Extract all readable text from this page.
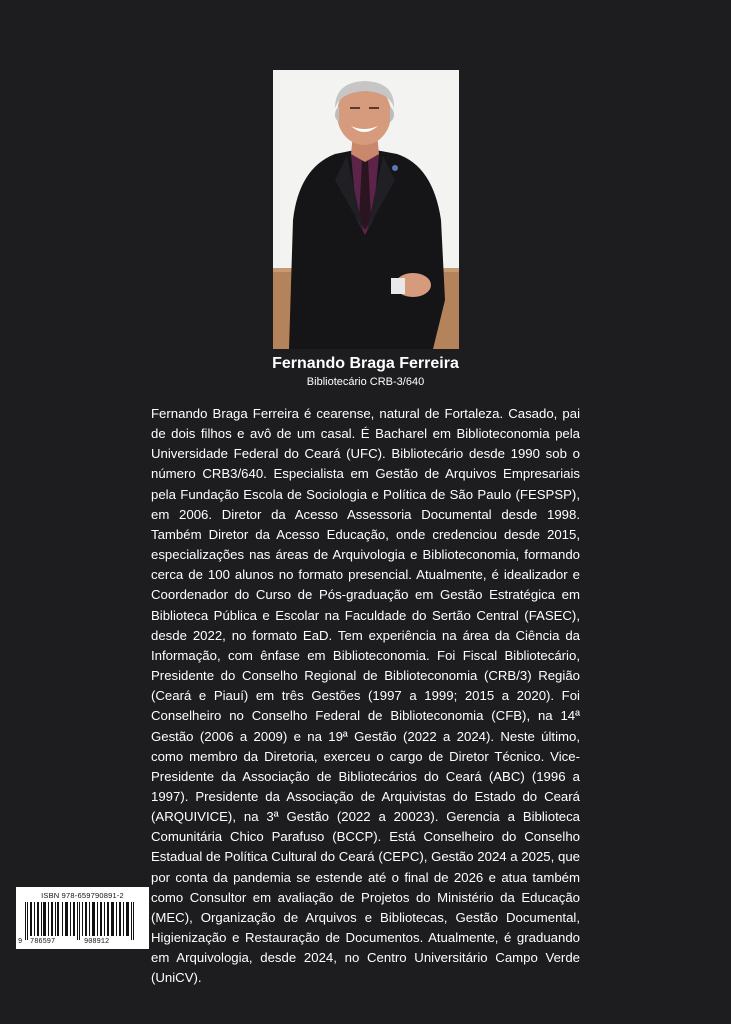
Fernando Braga Ferreira
Bibliotecário CRB-3/640

Fernando Braga Ferreira é cearense, natural de Fortaleza. Casado, pai de dois filhos e avô de um casal. É Bacharel em Biblioteconomia pela Universidade Federal do Ceará (UFC). Bibliotecário desde 1990 sob o número CRB3/640. Especialista em Gestão de Arquivos Empresariais pela Fundação Escola de Sociologia e Política de São Paulo (FESPSP), em 2006. Diretor da Acesso Assessoria Documental desde 1998. Também Diretor da Acesso Educação, onde credenciou desde 2015, especializações nas áreas de Arquivologia e Biblioteconomia, formando cerca de 100 alunos no formato presencial. Atualmente, é idealizador e Coordenador do Curso de Pós-graduação em Gestão Estratégica em Biblioteca Pública e Escolar na Faculdade do Sertão Central (FASEC), desde 2022, no formato EaD. Tem experiência na área da Ciência da Informação, com ênfase em Biblioteconomia. Foi Fiscal Bibliotecário, Presidente do Conselho Regional de Biblioteconomia (CRB/3) Região (Ceará e Piauí) em três Gestões (1997 a 1999; 2015 a 2020). Foi Conselheiro no Conselho Federal de Biblioteconomia (CFB), na 14ª Gestão (2006 a 2009) e na 19ª Gestão (2022 a 2024). Neste último, como membro da Diretoria, exerceu o cargo de Diretor Técnico. Vice-Presidente da Associação de Bibliotecários do Ceará (ABC) (1996 a 1997). Presidente da Associação de Arquivistas do Estado do Ceará (ARQUIVICE), na 3ª Gestão (2022 a 20023). Gerencia a Biblioteca Comunitária Chico Parafuso (BCCP). Está Conselheiro do Conselho Estadual de Política Cultural do Ceará (CEPC), Gestão 2024 a 2025, que por conta da pandemia se estende até o final de 2026 e atua também como Consultor em avaliação de Projetos do Ministério da Educação (MEC), Organização de Arquivos e Bibliotecas, Gestão Documental, Higienização e Restauração de Documentos. Atualmente, é graduando em Arquivologia, desde 2024, no Centro Universitário Campo Verde (UniCV).

ISBN 978-659790891-2
9 786597	908912
